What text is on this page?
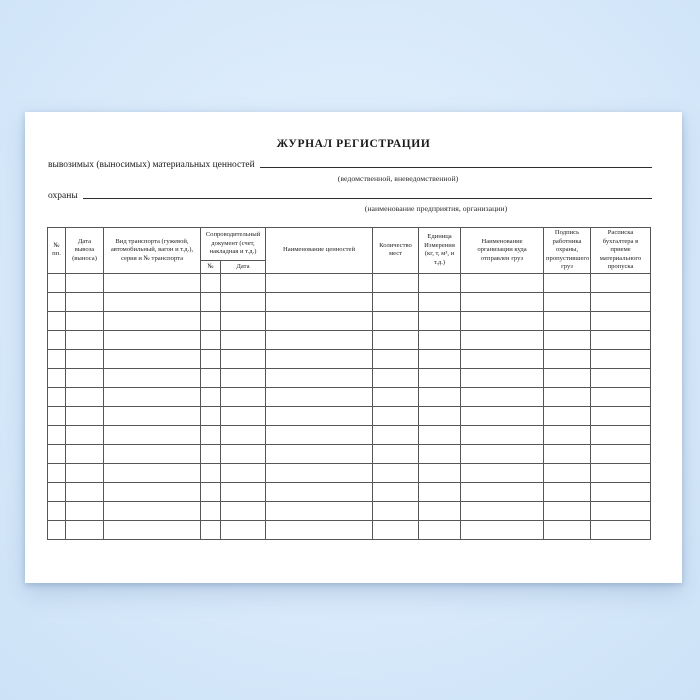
ЖУРНАЛ РЕГИСТРАЦИИ
вывозимых (выносимых) материальных ценностей
(ведомственной, вневедомственной)
охраны
(наименование предприятия, организации)
№ пп.	Дата вывоза (выноса)	Вид транспорта (гужевой, автомобильный, вагон и т.д.), серия и № транспорта	Сопроводительный документ (счет, накладная и т.д.)		Наименование ценностей	Количество мест	Единица Измерения (кг, т, м³, и т.д.)	Наименование организации куда отправлен груз	Подпись работника охраны, пропустившего груз	Расписка бухгалтера в приеме материального пропуска
			№	Дата						
